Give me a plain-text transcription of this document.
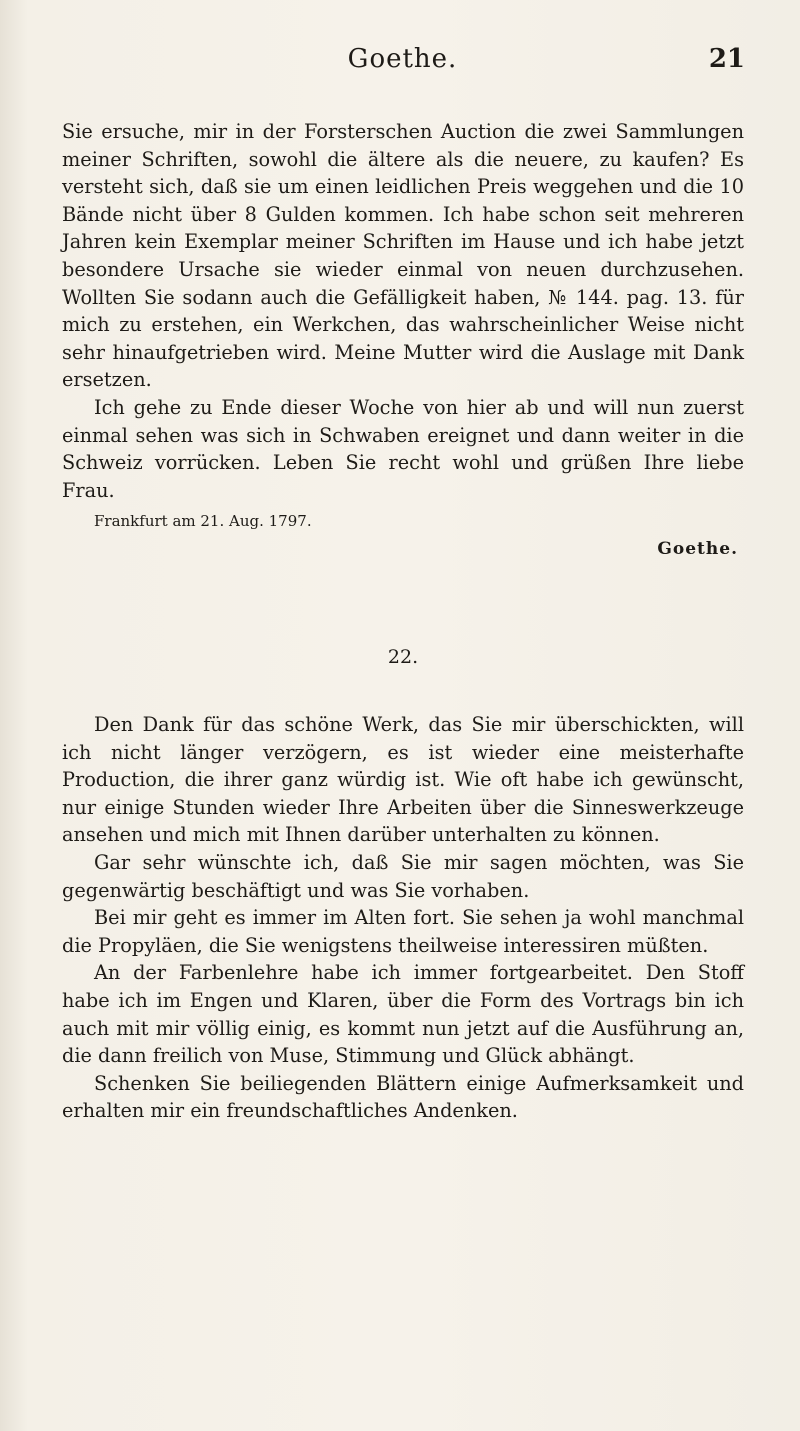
Goethe.	21

Sie ersuche, mir in der Forsterschen Auction die zwei Sammlungen meiner Schriften, sowohl die ältere als die neuere, zu kaufen? Es versteht sich, daß sie um einen leidlichen Preis weggehen und die 10 Bände nicht über 8 Gulden kommen. Ich habe schon seit mehreren Jahren kein Exemplar meiner Schriften im Hause und ich habe jetzt besondere Ursache sie wieder einmal von neuen durchzusehen. Wollten Sie sodann auch die Gefälligkeit haben, № 144. pag. 13. für mich zu erstehen, ein Werkchen, das wahrscheinlicher Weise nicht sehr hinaufgetrieben wird. Meine Mutter wird die Auslage mit Dank ersetzen.

Ich gehe zu Ende dieser Woche von hier ab und will nun zuerst einmal sehen was sich in Schwaben ereignet und dann weiter in die Schweiz vorrücken. Leben Sie recht wohl und grüßen Ihre liebe Frau.

Frankfurt am 21. Aug. 1797.

Goethe.

22.

Den Dank für das schöne Werk, das Sie mir überschickten, will ich nicht länger verzögern, es ist wieder eine meisterhafte Production, die ihrer ganz würdig ist. Wie oft habe ich gewünscht, nur einige Stunden wieder Ihre Arbeiten über die Sinneswerkzeuge ansehen und mich mit Ihnen darüber unterhalten zu können.

Gar sehr wünschte ich, daß Sie mir sagen möchten, was Sie gegenwärtig beschäftigt und was Sie vorhaben.

Bei mir geht es immer im Alten fort. Sie sehen ja wohl manchmal die Propyläen, die Sie wenigstens theilweise interessiren müßten.

An der Farbenlehre habe ich immer fortgearbeitet. Den Stoff habe ich im Engen und Klaren, über die Form des Vortrags bin ich auch mit mir völlig einig, es kommt nun jetzt auf die Ausführung an, die dann freilich von Muse, Stimmung und Glück abhängt.

Schenken Sie beiliegenden Blättern einige Aufmerksamkeit und erhalten mir ein freundschaftliches Andenken.
